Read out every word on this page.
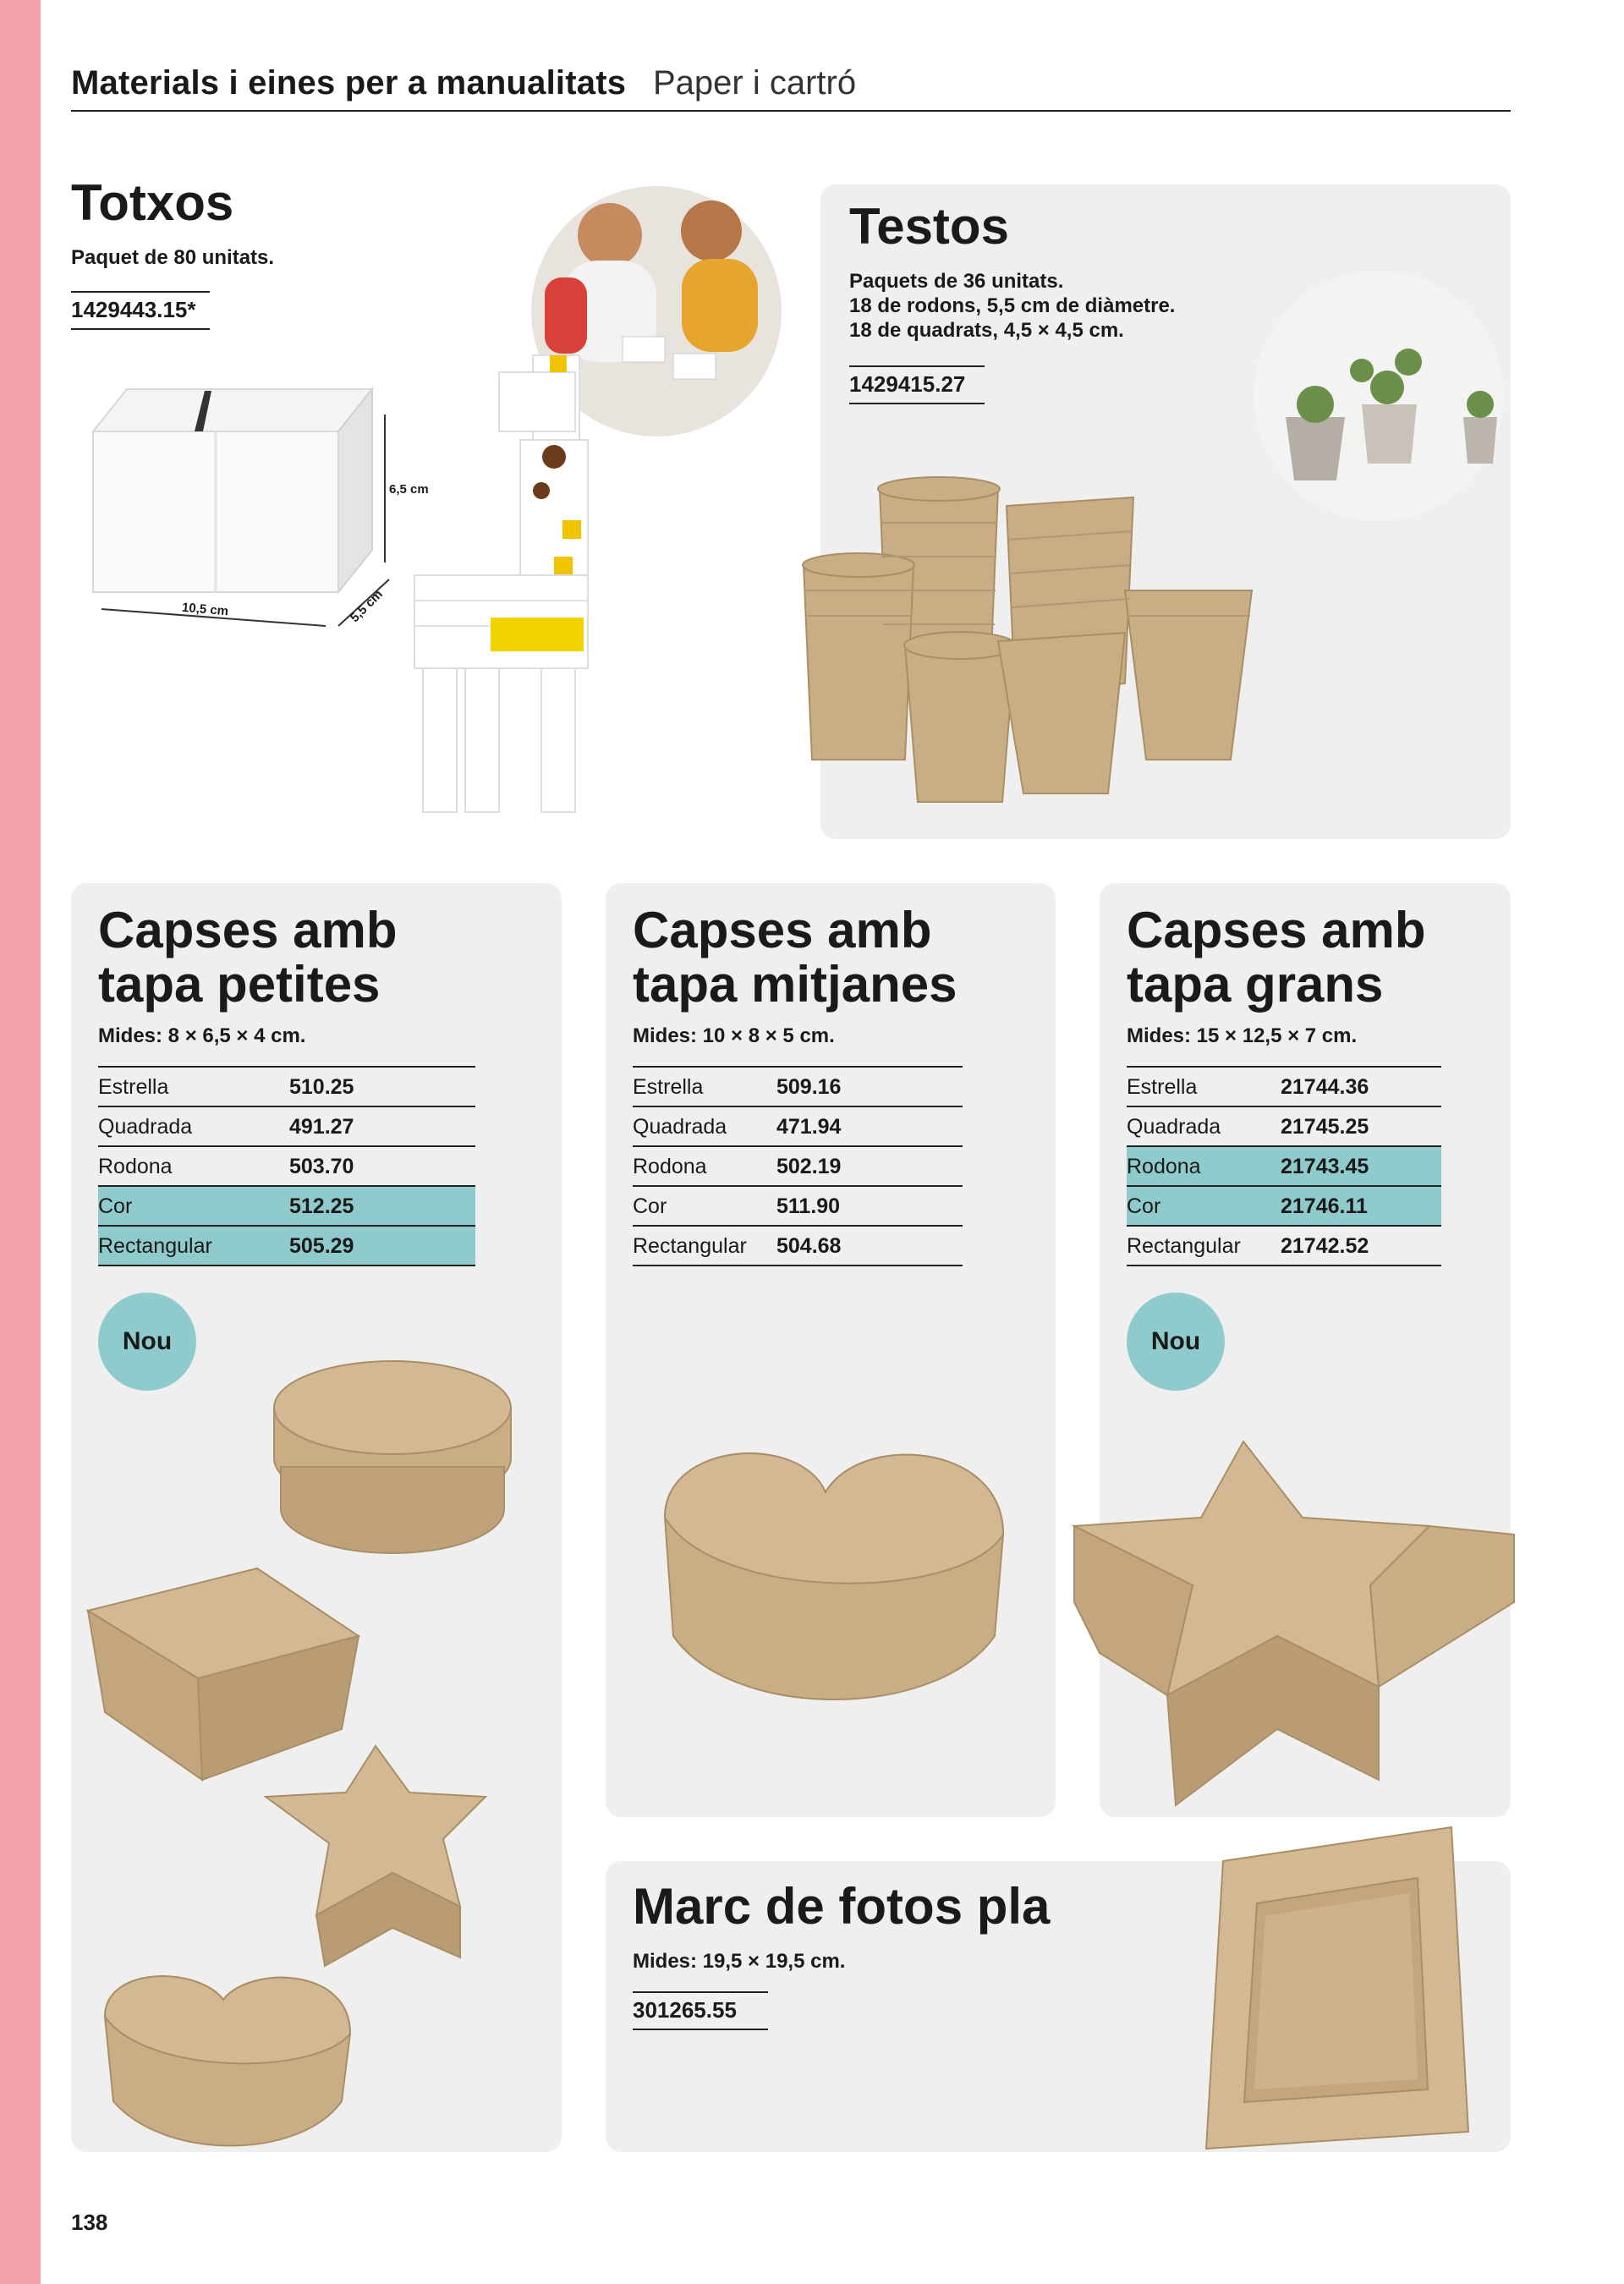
Materials i eines per a manualitats Paper i cartró
Totxos
Paquet de 80 unitats.
1429443.15*
6,5 cm
10,5 cm	5,5 cm
Testos
Paquets de 36 unitats.
18 de rodons, 5,5 cm de diàmetre.
18 de quadrats, 4,5 × 4,5 cm.
1429415.27
Capses amb
tapa petites
Mides: 8 × 6,5 × 4 cm.
Estrella	510.25
Quadrada	491.27
Rodona	503.70
Cor	512.25
Rectangular	505.29
Nou
Capses amb
tapa mitjanes
Mides: 10 × 8 × 5 cm.
Estrella	509.16
Quadrada 471.94
Rodona	502.19
Cor	511.90
Rectangular 504.68
Capses amb
tapa grans
Mides: 15 × 12,5 × 7 cm.
Estrella	21744.36
Quadrada	21745.25
Rodona	21743.45
Cor	21746.11
Rectangular 21742.52
Nou
Marc de fotos pla
Mides: 19,5 × 19,5 cm.
301265.55
138
